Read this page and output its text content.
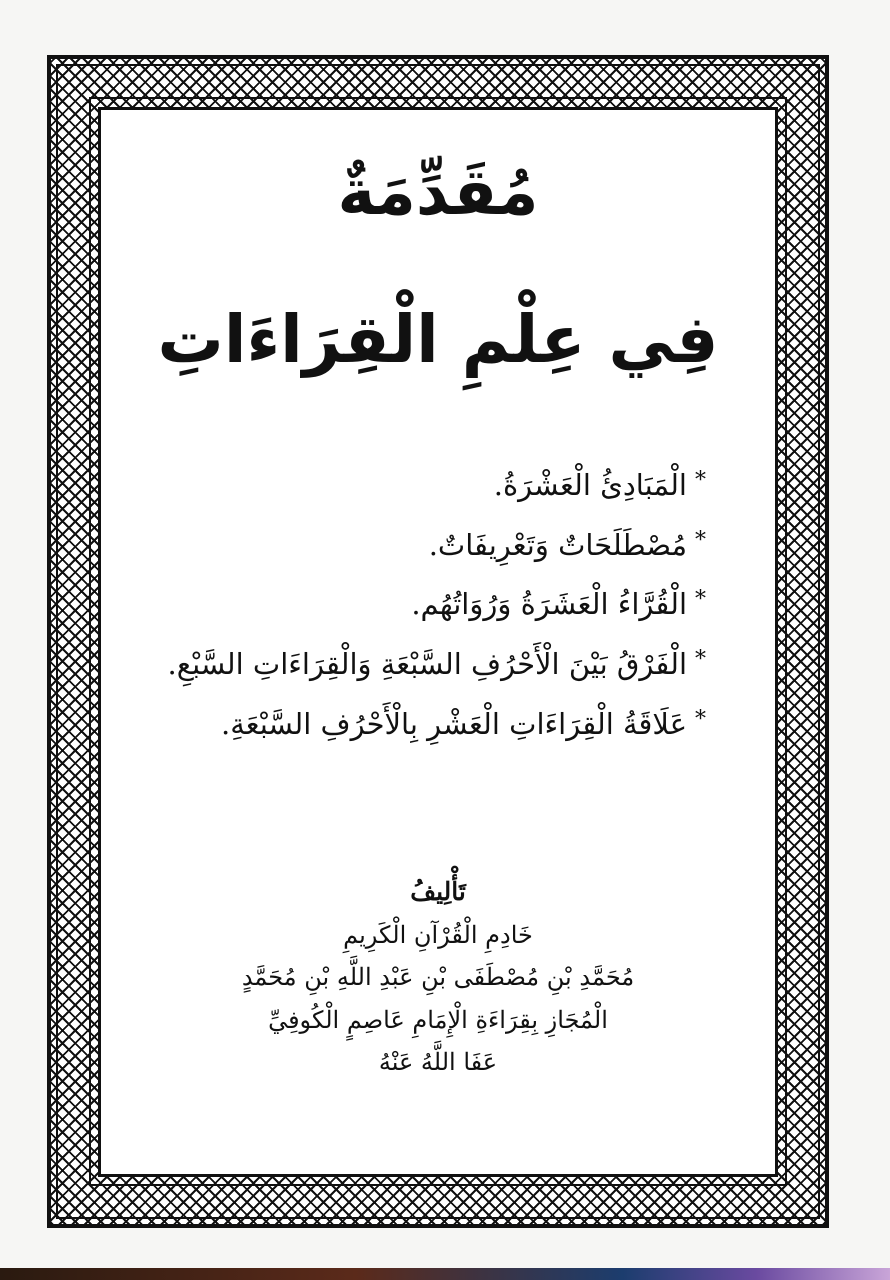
مُقَدِّمَةٌ
فِي عِلْمِ الْقِرَاءَاتِ
*الْمَبَادِئُ الْعَشْرَةُ.
*مُصْطَلَحَاتٌ وَتَعْرِيفَاتٌ.
*الْقُرَّاءُ الْعَشَرَةُ وَرُوَاتُهُم.
*الْفَرْقُ بَيْنَ الْأَحْرُفِ السَّبْعَةِ وَالْقِرَاءَاتِ السَّبْعِ.
*عَلَاقَةُ الْقِرَاءَاتِ الْعَشْرِ بِالْأَحْرُفِ السَّبْعَةِ.
تَأْلِيفُ
خَادِمِ الْقُرْآنِ الْكَرِيمِ
مُحَمَّدِ بْنِ مُصْطَفَى بْنِ عَبْدِ اللَّهِ بْنِ مُحَمَّدٍ
الْمُجَازِ بِقِرَاءَةِ الْإِمَامِ عَاصِمٍ الْكُوفِيِّ
عَفَا اللَّهُ عَنْهُ
